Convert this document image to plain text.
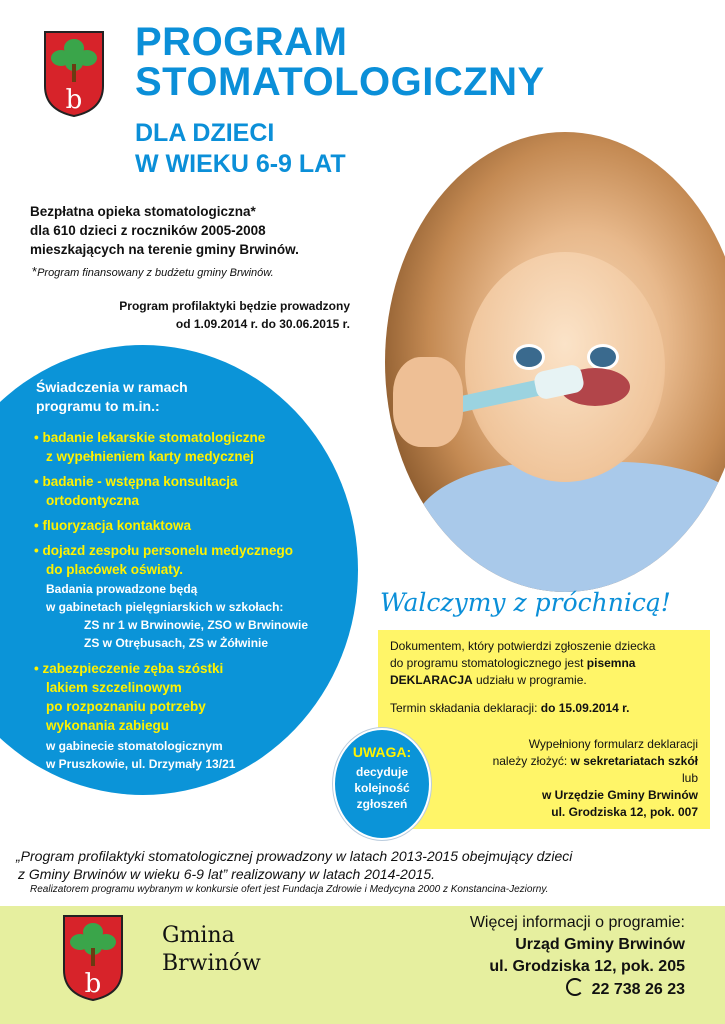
b
PROGRAM
STOMATOLOGICZNY
DLA DZIECI
W WIEKU 6-9 LAT
Bezpłatna opieka stomatologiczna*
dla 610 dzieci z roczników 2005-2008
mieszkających na terenie gminy Brwinów.
*Program finansowany z budżetu gminy Brwinów.
Program profilaktyki będzie prowadzony
od 1.09.2014 r. do 30.06.2015 r.
Świadczenia w ramach
programu to m.in.:
• badanie lekarskie stomatologiczne
z wypełnieniem karty medycznej
• badanie - wstępna konsultacja
ortodontyczna
• fluoryzacja kontaktowa
• dojazd zespołu personelu medycznego
do placówek oświaty.
Badania prowadzone będą
w gabinetach pielęgniarskich w szkołach:
ZS nr 1 w Brwinowie, ZSO w Brwinowie
ZS w Otrębusach, ZS w Żółwinie
• zabezpieczenie zęba szóstki
lakiem szczelinowym
po rozpoznaniu potrzeby
wykonania zabiegu
w gabinecie stomatologicznym
w Pruszkowie, ul. Drzymały 13/21
Walczymy z próchnicą!
Dokumentem, który potwierdzi zgłoszenie dziecka
do programu stomatologicznego jest pisemna
DEKLARACJA udziału w programie.
Termin składania deklaracji: do 15.09.2014 r.
Wypełniony formularz deklaracji
należy złożyć: w sekretariatach szkół
lub
w Urzędzie Gminy Brwinów
ul. Grodziska 12, pok. 007
UWAGA:
decyduje
kolejność
zgłoszeń
„Program profilaktyki stomatologicznej prowadzony w latach 2013-2015 obejmujący dzieci
z Gminy Brwinów w wieku 6-9 lat” realizowany w latach 2014-2015.
Realizatorem programu wybranym w konkursie ofert jest Fundacja Zdrowie i Medycyna 2000 z Konstancina-Jeziorny.
b
Gmina
Brwinów
Więcej informacji o programie:
Urząd Gminy Brwinów
ul. Grodziska 12, pok. 205
22 738 26 23
